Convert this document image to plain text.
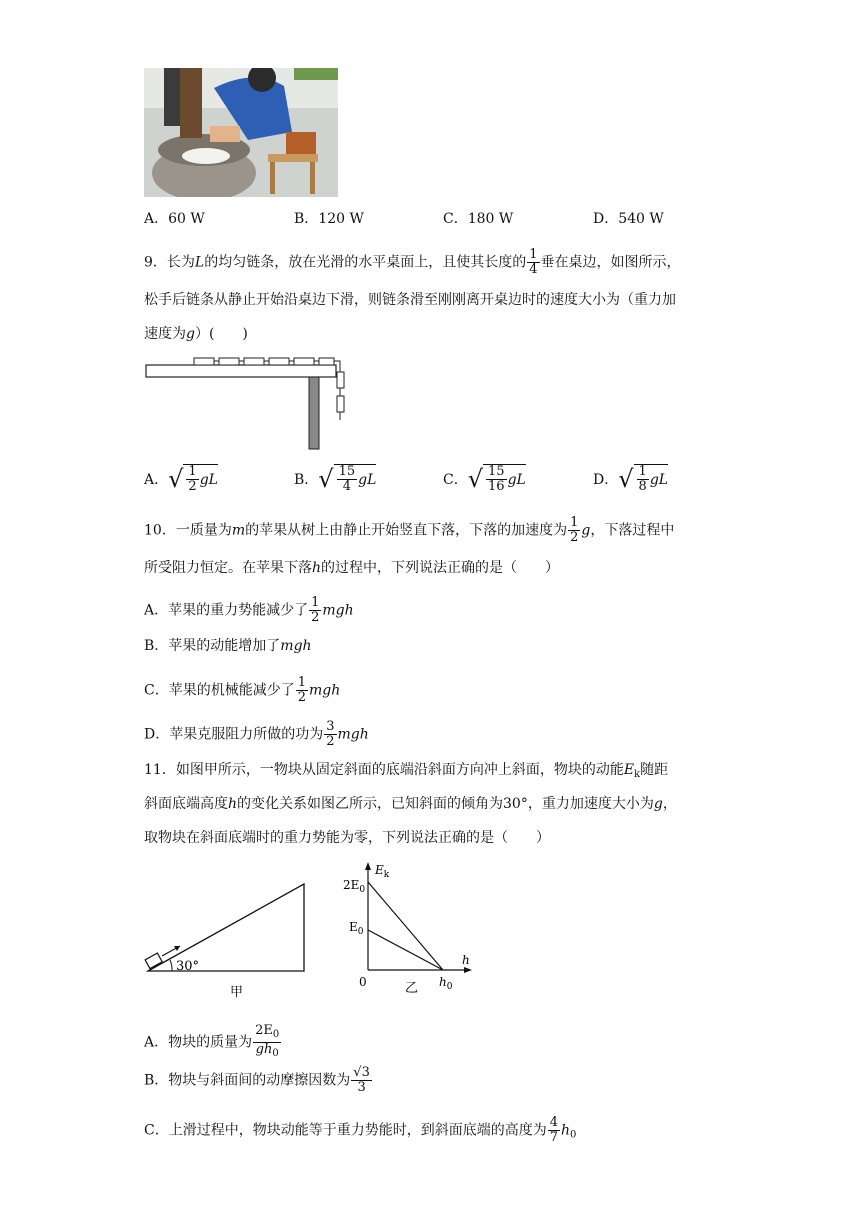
A．60 W	B．120 W	C．180 W	D．540 W
9．长为L的均匀链条，放在光滑的水平桌面上，且使其长度的 $\frac{1}{4}$ 垂在桌边，如图所示，
松手后链条从静止开始沿桌边下滑，则链条滑至刚刚离开桌边时的速度大小为（重力加
速度为g）(　　)
A． √ $\frac{1}{2}$ gL	B． √ $\frac{15}{4}$ gL	C． √ $\frac{15}{16}$ gL	D． √ $\frac{1}{8}$ gL
10．一质量为m的苹果从树上由静止开始竖直下落，下落的加速度为 $\frac{1}{2}$ g，下落过程中
所受阻力恒定。在苹果下落h的过程中，下列说法正确的是（　　）
A．苹果的重力势能减少了 $\frac{1}{2}$ mgh
B．苹果的动能增加了mgh
C．苹果的机械能减少了 $\frac{1}{2}$ mgh
D．苹果克服阻力所做的功为 $\frac{3}{2}$ mgh
11．如图甲所示，一物块从固定斜面的底端沿斜面方向冲上斜面，物块的动能$E_k$随距
斜面底端高度h的变化关系如图乙所示，已知斜面的倾角为30°，重力加速度大小为g，
取物块在斜面底端时的重力势能为零，下列说法正确的是（　　）
30°
甲
$E_k$
$2E_0$
$E_0$
h
0	$h_0$
乙
A．物块的质量为 $\frac{2E_0}{gh_0}$
B．物块与斜面间的动摩擦因数为 $\frac{√3}{3}$
C．上滑过程中，物块动能等于重力势能时，到斜面底端的高度为 $\frac{4}{7} h_0$
